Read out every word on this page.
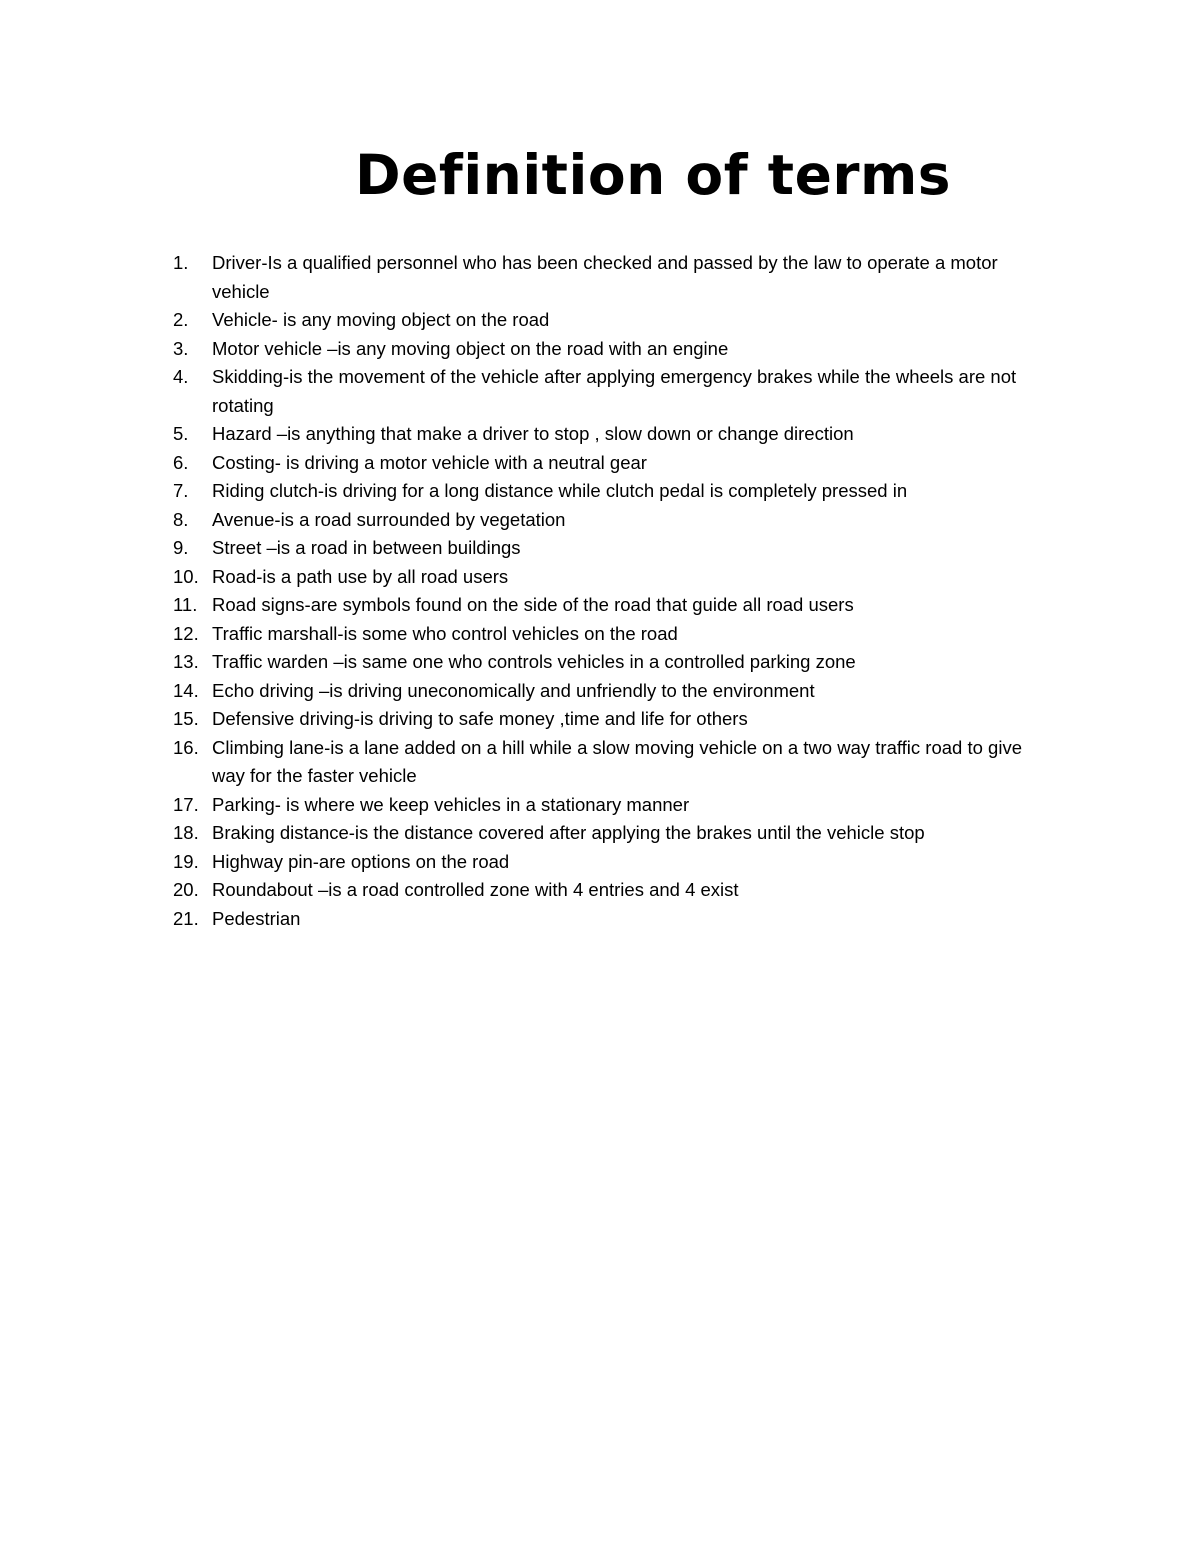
Definition of terms
1.	Driver-Is a qualified personnel who has been checked and passed by the law to operate a motor vehicle
2.	Vehicle- is any moving object on the road
3.	Motor vehicle –is any moving object on the road with an engine
4.	Skidding-is the movement of the vehicle after applying emergency brakes while the wheels are not rotating
5.	Hazard –is anything that make a driver to stop , slow down or change direction
6.	Costing- is driving a motor vehicle with a neutral gear
7.	Riding clutch-is driving for a long distance while clutch pedal is completely pressed in
8.	Avenue-is a road surrounded by vegetation
9.	Street –is a road in between buildings
10. Road-is a path use by all road users
11. Road signs-are symbols found on the side of the road that guide all road users
12. Traffic marshall-is some who control vehicles on the road
13. Traffic warden –is same one who controls vehicles in a controlled parking zone
14. Echo driving –is driving uneconomically and unfriendly to the environment
15. Defensive driving-is driving to safe money ,time and life for others
16. Climbing lane-is a lane added on a hill while a slow moving vehicle on a two way traffic road to give way for the faster vehicle
17. Parking- is where we keep vehicles in a stationary manner
18. Braking distance-is the distance covered after applying the brakes until the vehicle stop
19. Highway pin-are options on the road
20. Roundabout –is a road controlled zone with 4 entries and 4 exist
21. Pedestrian
